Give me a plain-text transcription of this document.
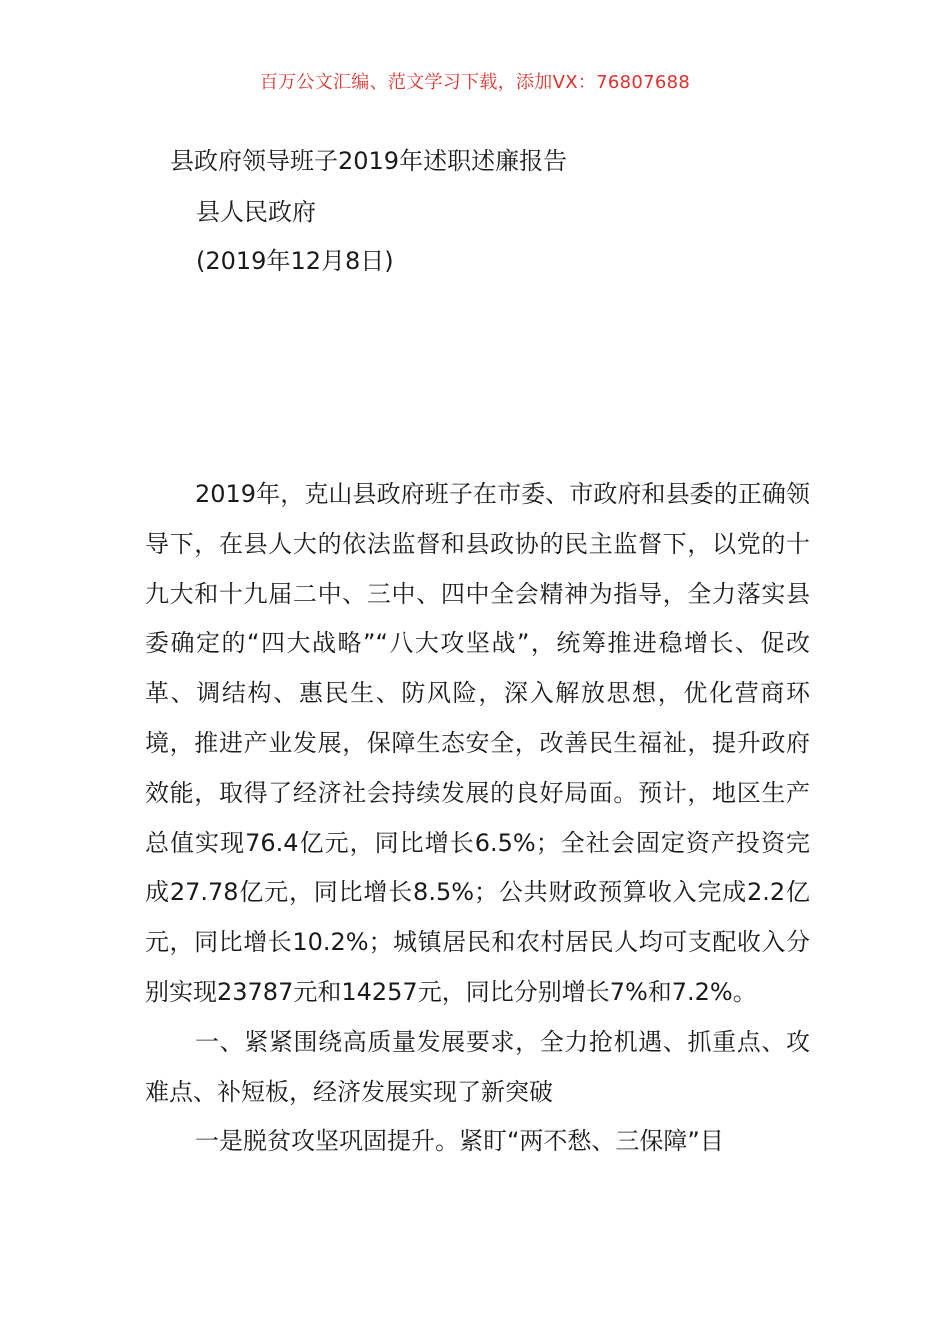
百万公文汇编、范文学习下载，添加VX：76807688
县政府领导班子2019年述职述廉报告
县人民政府
(2019年12月8日)

2019年，克山县政府班子在市委、市政府和县委的正确领导下，在县人大的依法监督和县政协的民主监督下，以党的十九大和十九届二中、三中、四中全会精神为指导，全力落实县委确定的“四大战略”“八大攻坚战”，统筹推进稳增长、促改革、调结构、惠民生、防风险，深入解放思想，优化营商环境，推进产业发展，保障生态安全，改善民生福祉，提升政府效能，取得了经济社会持续发展的良好局面。预计，地区生产总值实现76.4亿元，同比增长6.5%；全社会固定资产投资完成27.78亿元，同比增长8.5%；公共财政预算收入完成2.2亿元，同比增长10.2%；城镇居民和农村居民人均可支配收入分别实现23787元和14257元，同比分别增长7%和7.2%。

一、紧紧围绕高质量发展要求，全力抢机遇、抓重点、攻难点、补短板，经济发展实现了新突破

一是脱贫攻坚巩固提升。紧盯“两不愁、三保障”目
